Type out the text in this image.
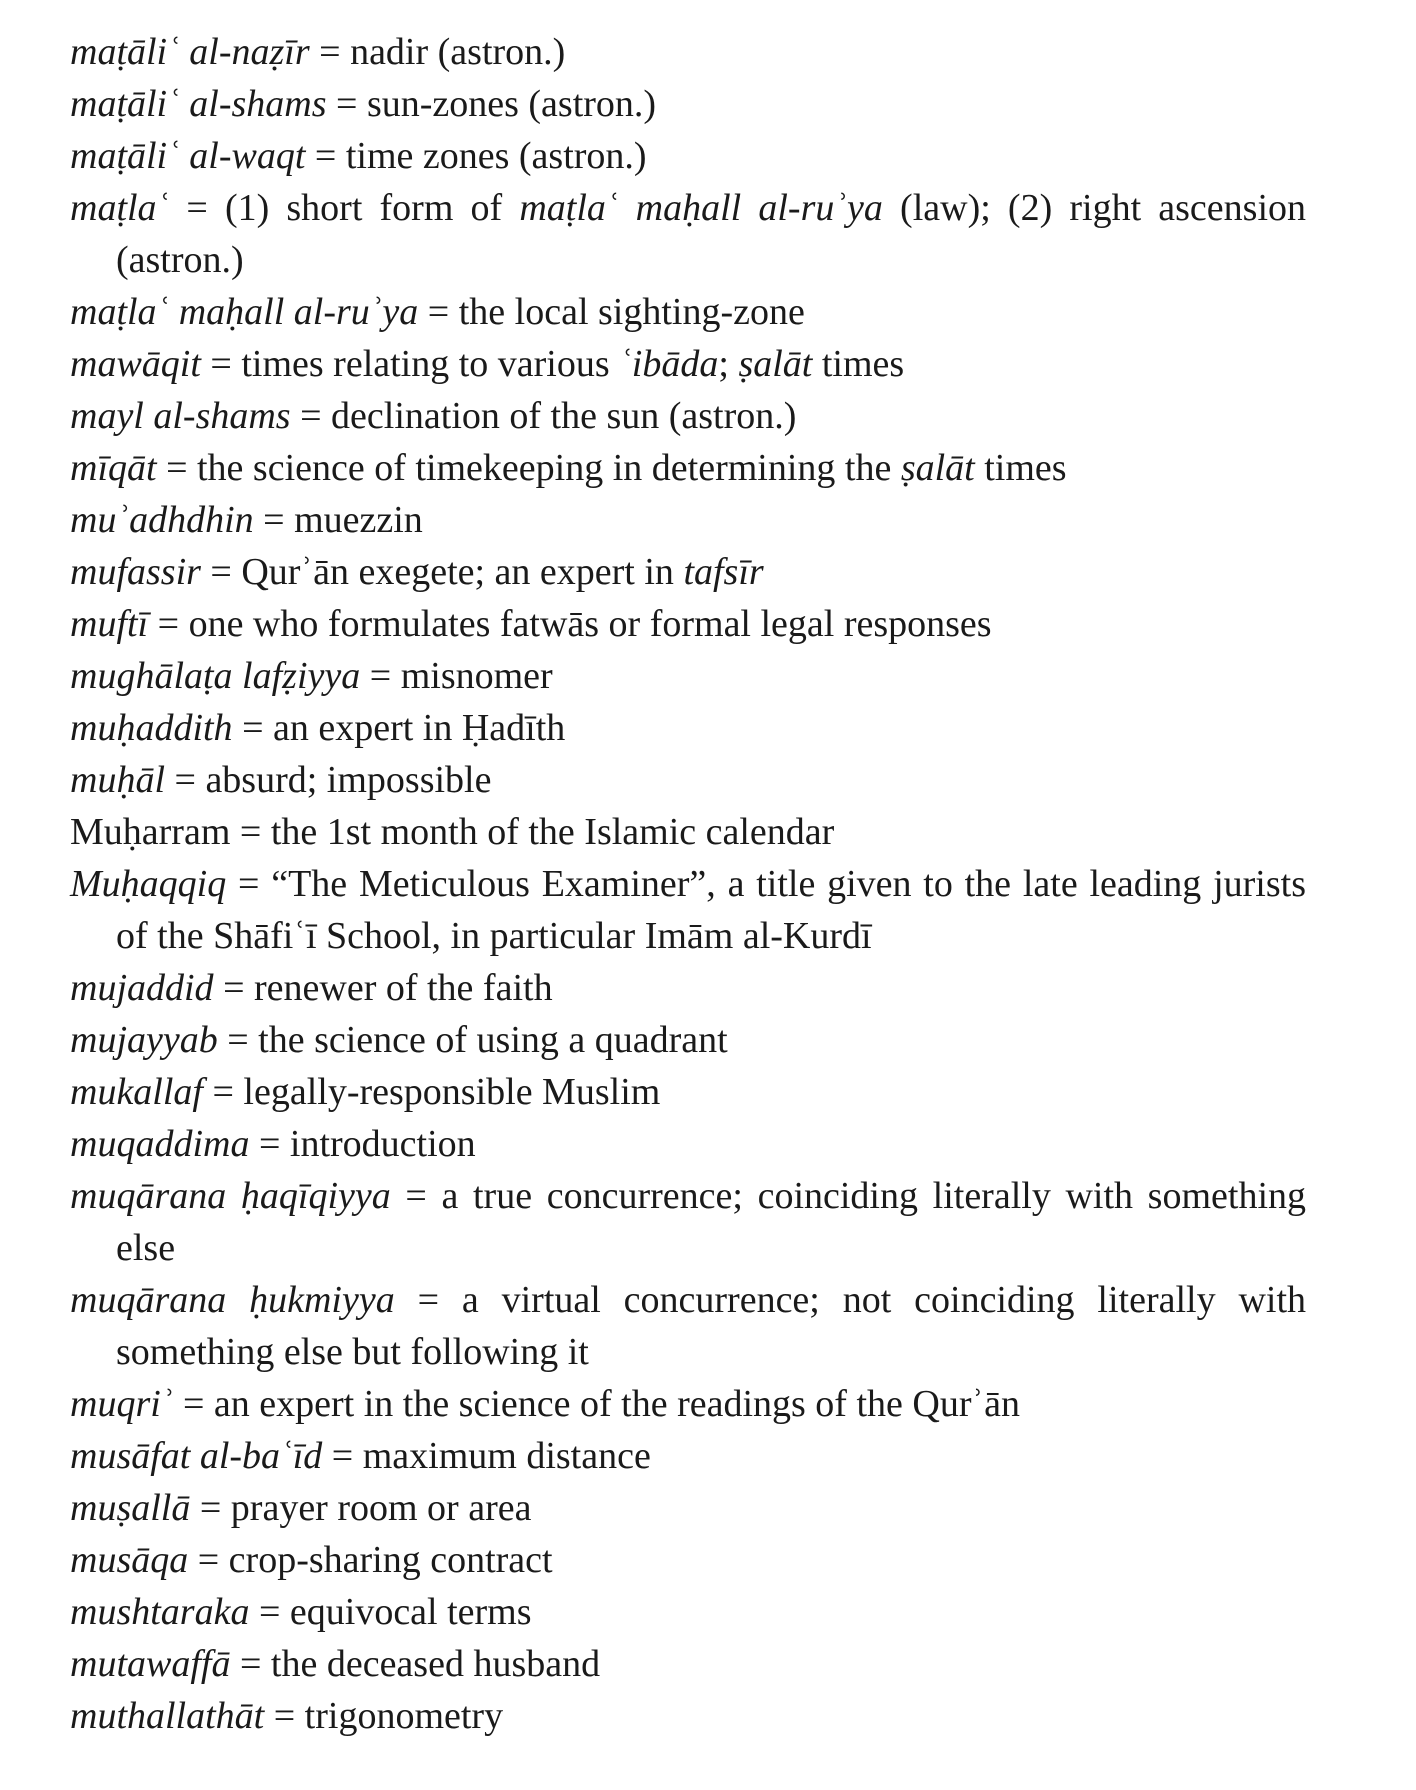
maṭāliʿ al-naẓīr = nadir (astron.)

maṭāliʿ al-shams = sun-zones (astron.)

maṭāliʿ al-waqt = time zones (astron.)

maṭlaʿ = (1) short form of maṭlaʿ maḥall al-ruʾya (law); (2) right ascension (astron.)

maṭlaʿ maḥall al-ruʾya = the local sighting-zone

mawāqit = times relating to various ʿibāda; ṣalāt times

mayl al-shams = declination of the sun (astron.)

mīqāt = the science of timekeeping in determining the ṣalāt times

muʾadhdhin = muezzin

mufassir = Qurʾān exegete; an expert in tafsīr

muftī = one who formulates fatwās or formal legal responses

mughālaṭa lafẓiyya = misnomer

muḥaddith = an expert in Ḥadīth

muḥāl = absurd; impossible

Muḥarram = the 1st month of the Islamic calendar

Muḥaqqiq = “The Meticulous Examiner”, a title given to the late leading jurists of the Shāfiʿī School, in particular Imām al-Kurdī

mujaddid = renewer of the faith

mujayyab = the science of using a quadrant

mukallaf = legally-responsible Muslim

muqaddima = introduction

muqārana ḥaqīqiyya = a true concurrence; coinciding literally with something else

muqārana ḥukmiyya = a virtual concurrence; not coinciding literally with something else but following it

muqriʾ = an expert in the science of the readings of the Qurʾān

musāfat al-baʿīd = maximum distance

muṣallā = prayer room or area

musāqa = crop-sharing contract

mushtaraka = equivocal terms

mutawaffā = the deceased husband

muthallathāt = trigonometry
